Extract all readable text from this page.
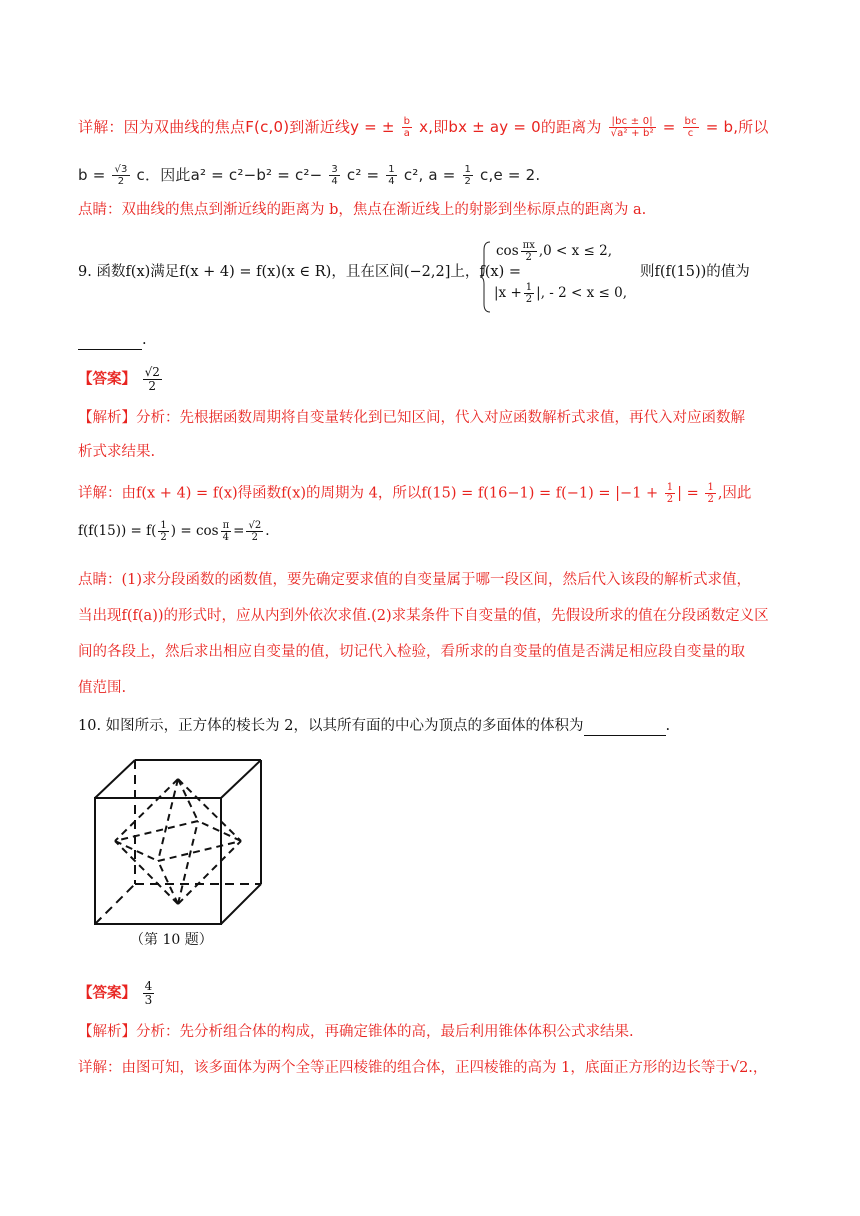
详解：因为双曲线的焦点F(c,0)到渐近线y = ± $\frac{b}{a} x$,即bx ± ay = 0的距离为 $\frac{|bc \pm 0|}{\text{√a² + b²}} = \frac{bc}{c} = b$,所以
$b = \frac{√3}{2}$ c．因此$a^2 = c^2-b^2 = c^2- \frac{3}{4} c^2 = \frac{1}{4} c^2$, $a = \frac{1}{2} c,e = 2$.
点睛：双曲线的焦点到渐近线的距离为 b，焦点在渐近线上的射影到坐标原点的距离为 a.
9. 函数f(x)满足f(x + 4) = f(x)(x ∈ R)，且在区间(−2,2]上，f(x) =
$\cos \frac{\pi x}{2} ,0 < x \le 2$,
$|x + \frac{1}{2}$ |, - 2 < x ≤ 0,
则f(f(15))的值为
.
【答案】 $\frac{√2}{2}$
【解析】分析：先根据函数周期将自变量转化到已知区间，代入对应函数解析式求值，再代入对应函数解
析式求结果.
详解：由f(x + 4) = f(x)得函数f(x)的周期为 4，所以$f(15) = f(16-1) = f(-1) = |-1 + \frac{1}{2}$ | = $\frac{1}{2}$ ,因此
$f(f(15)) = f( \frac{1}{2}$ ) = $\cos \frac{\pi}{4} = \frac{√2}{2}$ .
点睛：(1)求分段函数的函数值，要先确定要求值的自变量属于哪一段区间，然后代入该段的解析式求值，
当出现f(f(a))的形式时，应从内到外依次求值.(2)求某条件下自变量的值，先假设所求的值在分段函数定义区
间的各段上，然后求出相应自变量的值，切记代入检验，看所求的自变量的值是否满足相应段自变量的取
值范围.
10. 如图所示，正方体的棱长为 2，以其所有面的中心为顶点的多面体的体积为	.
（第 10 题）
【答案】 $\frac{4}{3}$
【解析】分析：先分析组合体的构成，再确定锥体的高，最后利用锥体体积公式求结果.
详解：由图可知，该多面体为两个全等正四棱锥的组合体，正四棱锥的高为 1，底面正方形的边长等于√2.，
